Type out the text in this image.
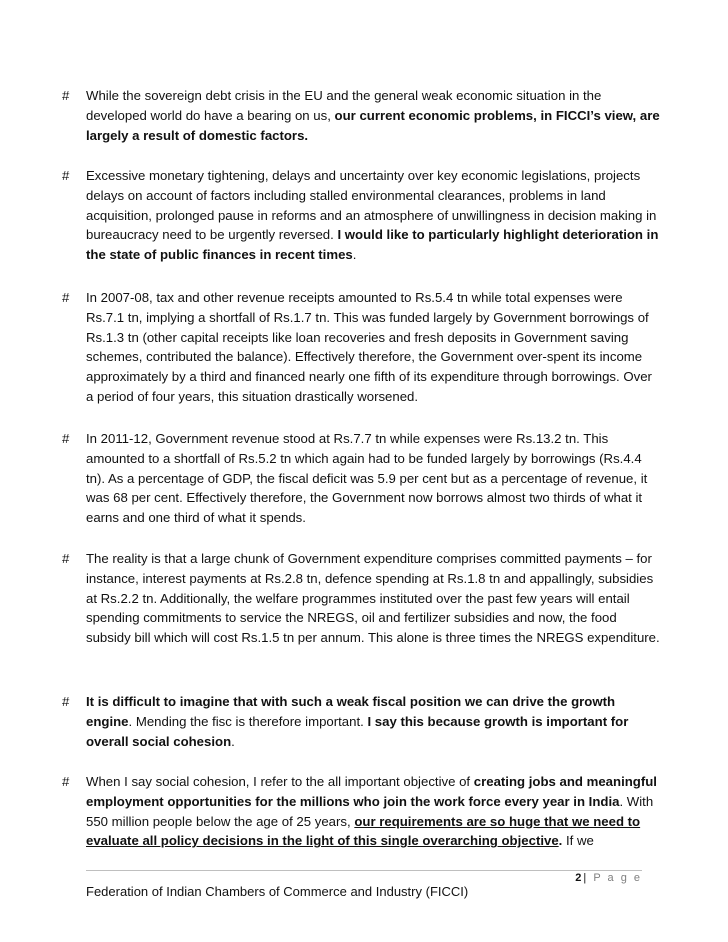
#	While the sovereign debt crisis in the EU and the general weak economic situation in the developed world do have a bearing on us, our current economic problems, in FICCI’s view, are largely a result of domestic factors.
#	Excessive monetary tightening, delays and uncertainty over key economic legislations, projects delays on account of factors including stalled environmental clearances, problems in land acquisition, prolonged pause in reforms and an atmosphere of unwillingness in decision making in bureaucracy need to be urgently reversed. I would like to particularly highlight deterioration in the state of public finances in recent times.
#	In 2007-08, tax and other revenue receipts amounted to Rs.5.4 tn while total expenses were Rs.7.1 tn, implying a shortfall of Rs.1.7 tn. This was funded largely by Government borrowings of Rs.1.3 tn (other capital receipts like loan recoveries and fresh deposits in Government saving schemes, contributed the balance). Effectively therefore, the Government over-spent its income approximately by a third and financed nearly one fifth of its expenditure through borrowings. Over a period of four years, this situation drastically worsened.
#	In 2011-12, Government revenue stood at Rs.7.7 tn while expenses were Rs.13.2 tn. This amounted to a shortfall of Rs.5.2 tn which again had to be funded largely by borrowings (Rs.4.4 tn). As a percentage of GDP, the fiscal deficit was 5.9 per cent but as a percentage of revenue, it was 68 per cent. Effectively therefore, the Government now borrows almost two thirds of what it earns and one third of what it spends.
#	The reality is that a large chunk of Government expenditure comprises committed payments – for instance, interest payments at Rs.2.8 tn, defence spending at Rs.1.8 tn and appallingly, subsidies at Rs.2.2 tn. Additionally, the welfare programmes instituted over the past few years will entail spending commitments to service the NREGS, oil and fertilizer subsidies and now, the food subsidy bill which will cost Rs.1.5 tn per annum. This alone is three times the NREGS expenditure.
#	It is difficult to imagine that with such a weak fiscal position we can drive the growth engine. Mending the fisc is therefore important. I say this because growth is important for overall social cohesion.
#	When I say social cohesion, I refer to the all important objective of creating jobs and meaningful employment opportunities for the millions who join the work force every year in India. With 550 million people below the age of 25 years, our requirements are so huge that we need to evaluate all policy decisions in the light of this single overarching objective. If we
2| P a g e
Federation of Indian Chambers of Commerce and Industry (FICCI)
